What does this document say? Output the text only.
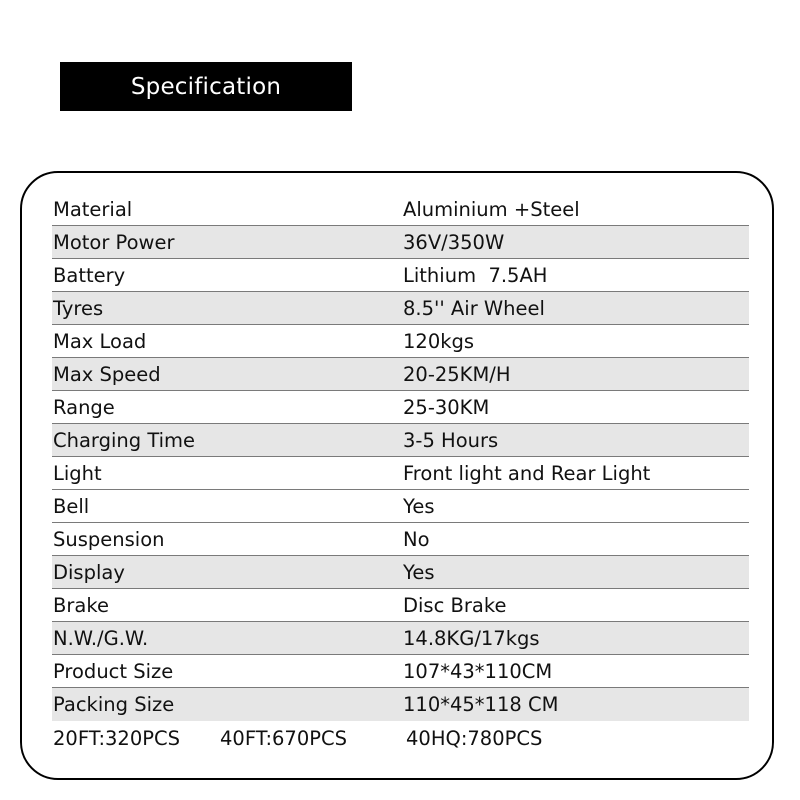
Specification
Material	Aluminium +Steel
Motor Power	36V/350W
Battery	Lithium  7.5AH
Tyres	8.5'' Air Wheel
Max Load	120kgs
Max Speed	20-25KM/H
Range	25-30KM
Charging Time	3-5 Hours
Light	Front light and Rear Light
Bell	Yes
Suspension	No
Display	Yes
Brake	Disc Brake
N.W./G.W.	14.8KG/17kgs
Product Size	107*43*110CM
Packing Size	110*45*118 CM
20FT:320PCS 40FT:670PCS	40HQ:780PCS
